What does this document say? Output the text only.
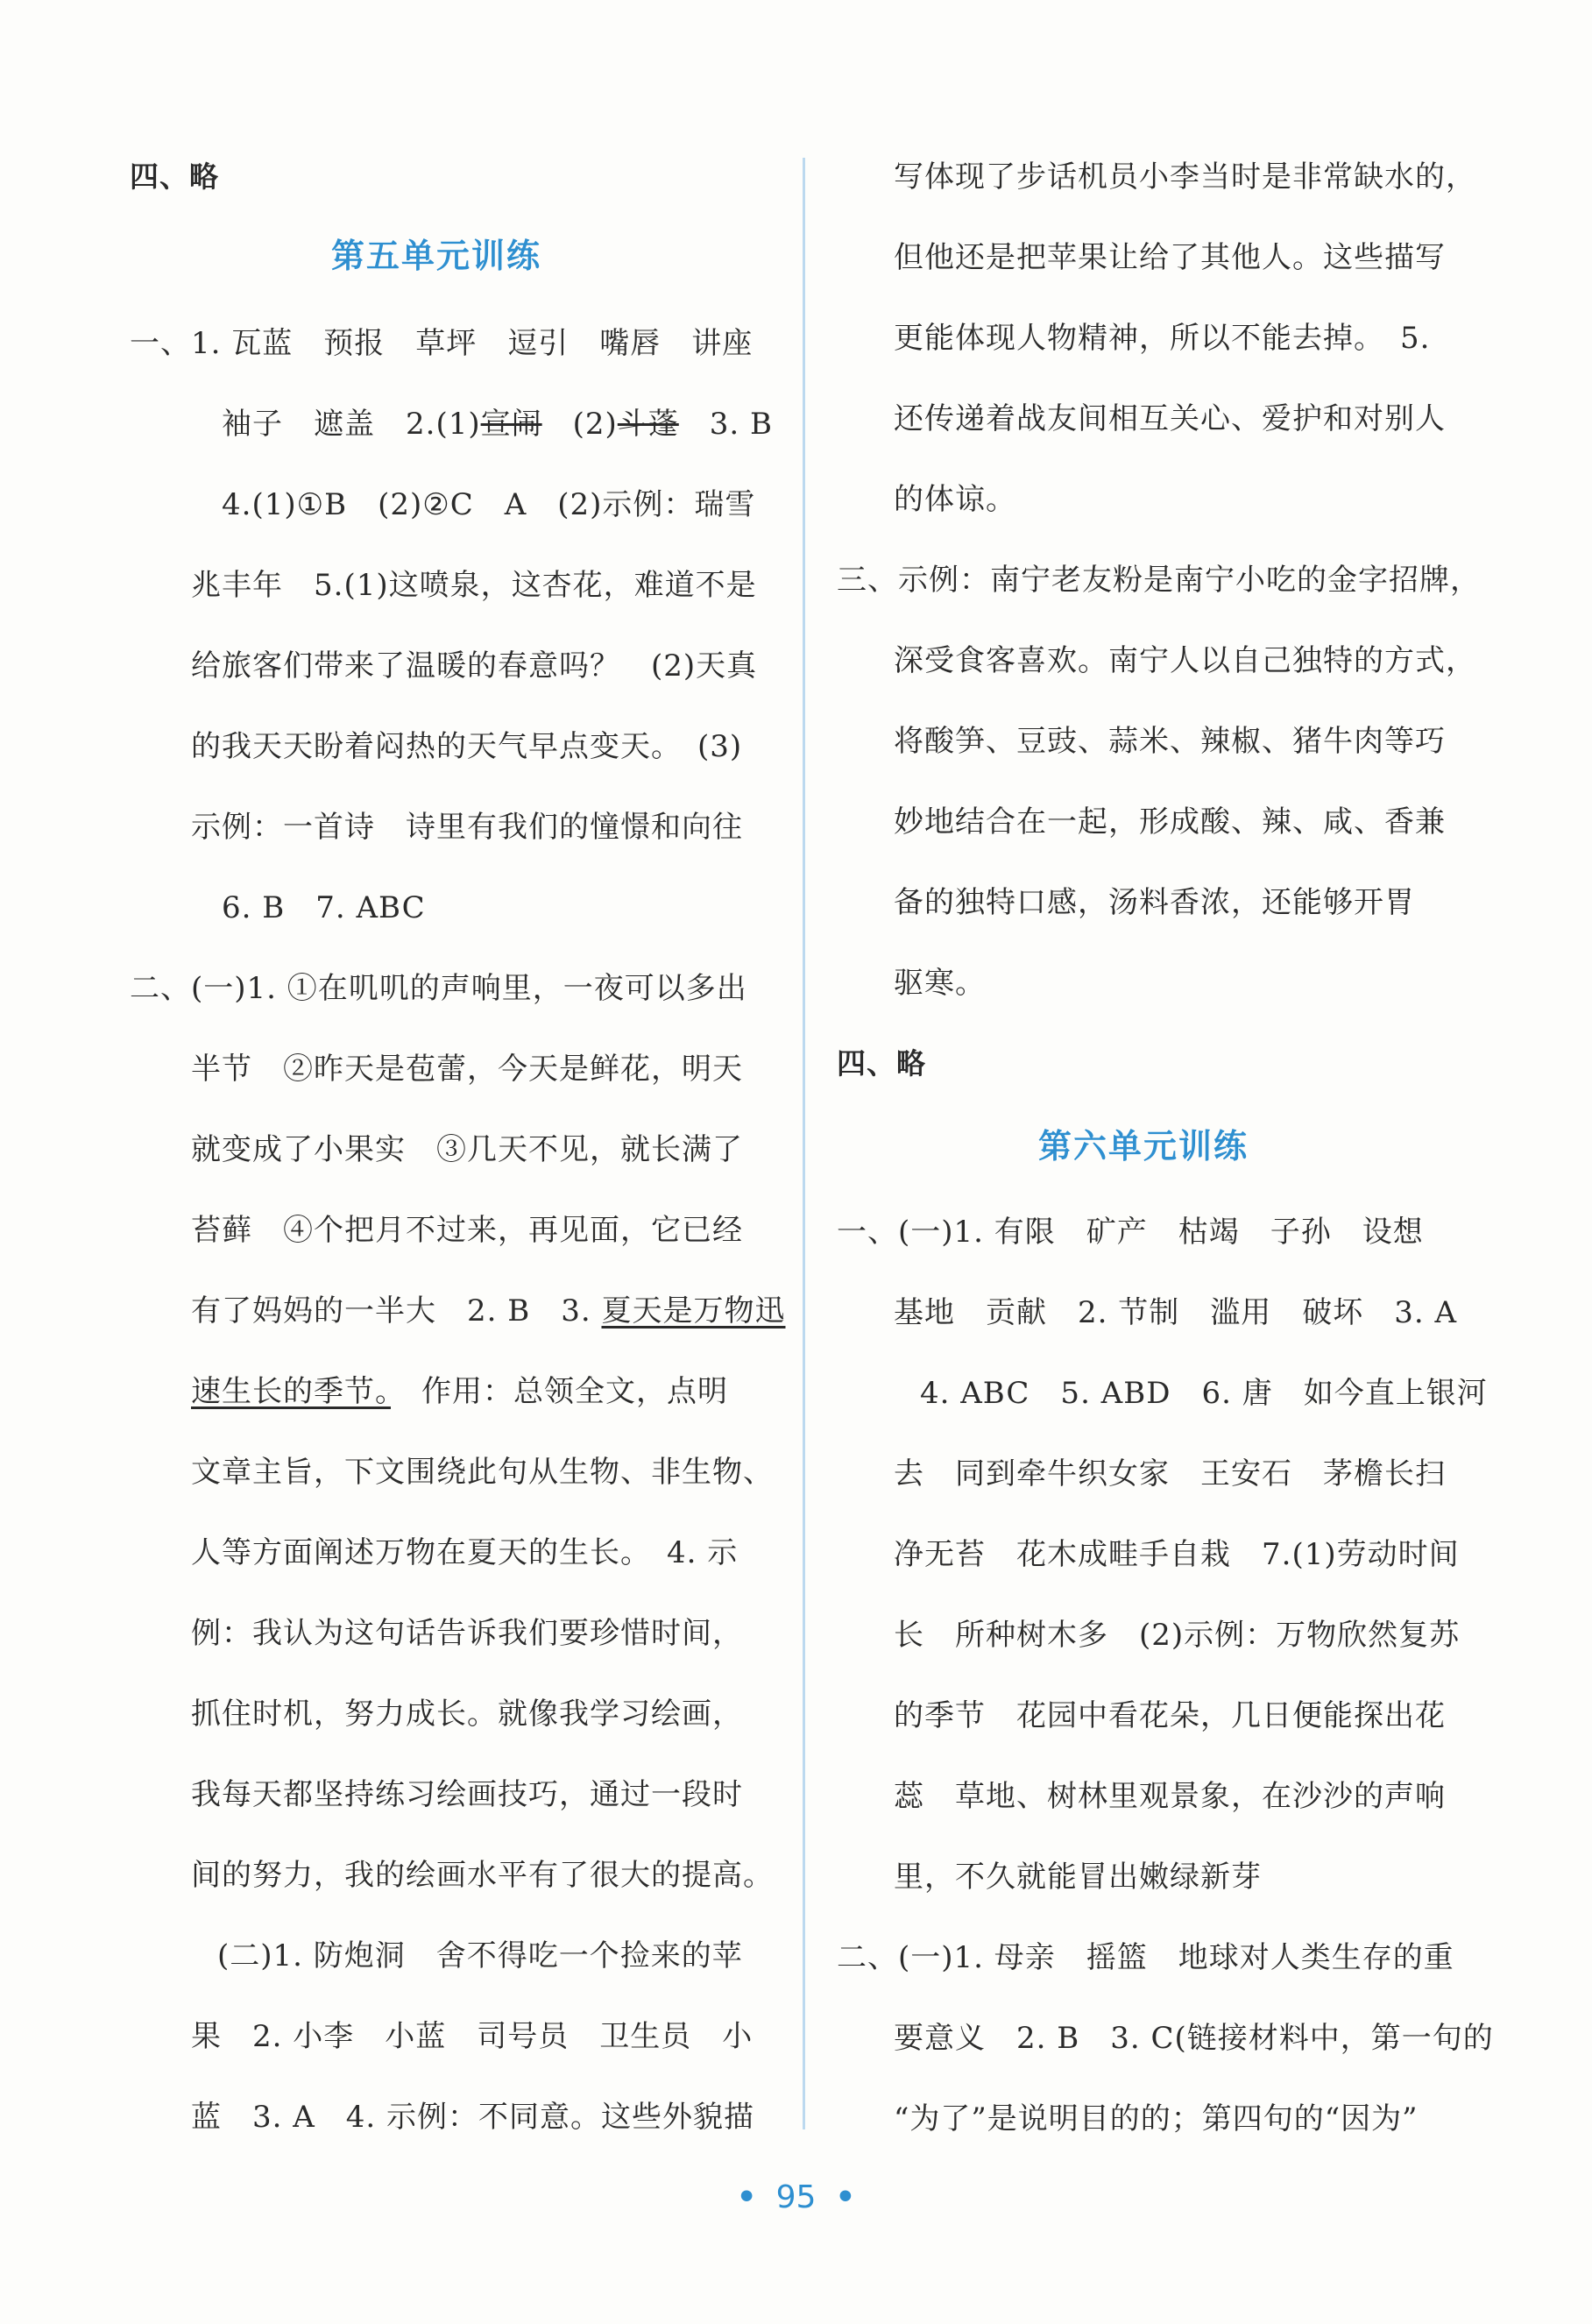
四、略
第五单元训练
一、1. 瓦蓝　预报　草坪　逗引　嘴唇　讲座
袖子　遮盖　2.(1)宣闹　(2)斗蓬　3. B
4.(1)①B　(2)②C　A　(2)示例：瑞雪
兆丰年　5.(1)这喷泉，这杏花，难道不是
给旅客们带来了温暖的春意吗？　(2)天真
的我天天盼着闷热的天气早点变天。　(3)
示例：一首诗　诗里有我们的憧憬和向往
6. B　7. ABC
二、(一)1. ①在叽叽的声响里，一夜可以多出
半节　②昨天是苞蕾，今天是鲜花，明天
就变成了小果实　③几天不见，就长满了
苔藓　④个把月不过来，再见面，它已经
有了妈妈的一半大　2. B　3. 夏天是万物迅
速生长的季节。　作用：总领全文，点明
文章主旨，下文围绕此句从生物、非生物、
人等方面阐述万物在夏天的生长。　4. 示
例：我认为这句话告诉我们要珍惜时间，
抓住时机，努力成长。就像我学习绘画，
我每天都坚持练习绘画技巧，通过一段时
间的努力，我的绘画水平有了很大的提高。
(二)1. 防炮洞　舍不得吃一个捡来的苹
果　2. 小李　小蓝　司号员　卫生员　小
蓝　3. A　4. 示例：不同意。这些外貌描
写体现了步话机员小李当时是非常缺水的，
但他还是把苹果让给了其他人。这些描写
更能体现人物精神，所以不能去掉。　5.
还传递着战友间相互关心、爱护和对别人
的体谅。
三、示例：南宁老友粉是南宁小吃的金字招牌，
深受食客喜欢。南宁人以自己独特的方式，
将酸笋、豆豉、蒜米、辣椒、猪牛肉等巧
妙地结合在一起，形成酸、辣、咸、香兼
备的独特口感，汤料香浓，还能够开胃
驱寒。
四、略
第六单元训练
一、(一)1. 有限　矿产　枯竭　子孙　设想
基地　贡献　2. 节制　滥用　破坏　3. A
4. ABC　5. ABD　6. 唐　如今直上银河
去　同到牵牛织女家　王安石　茅檐长扫
净无苔　花木成畦手自栽　7.(1)劳动时间
长　所种树木多　(2)示例：万物欣然复苏
的季节　花园中看花朵，几日便能探出花
蕊　草地、树林里观景象，在沙沙的声响
里，不久就能冒出嫩绿新芽
二、(一)1. 母亲　摇篮　地球对人类生存的重
要意义　2. B　3. C(链接材料中，第一句的
“为了”是说明目的的；第四句的“因为”
• 95 •
